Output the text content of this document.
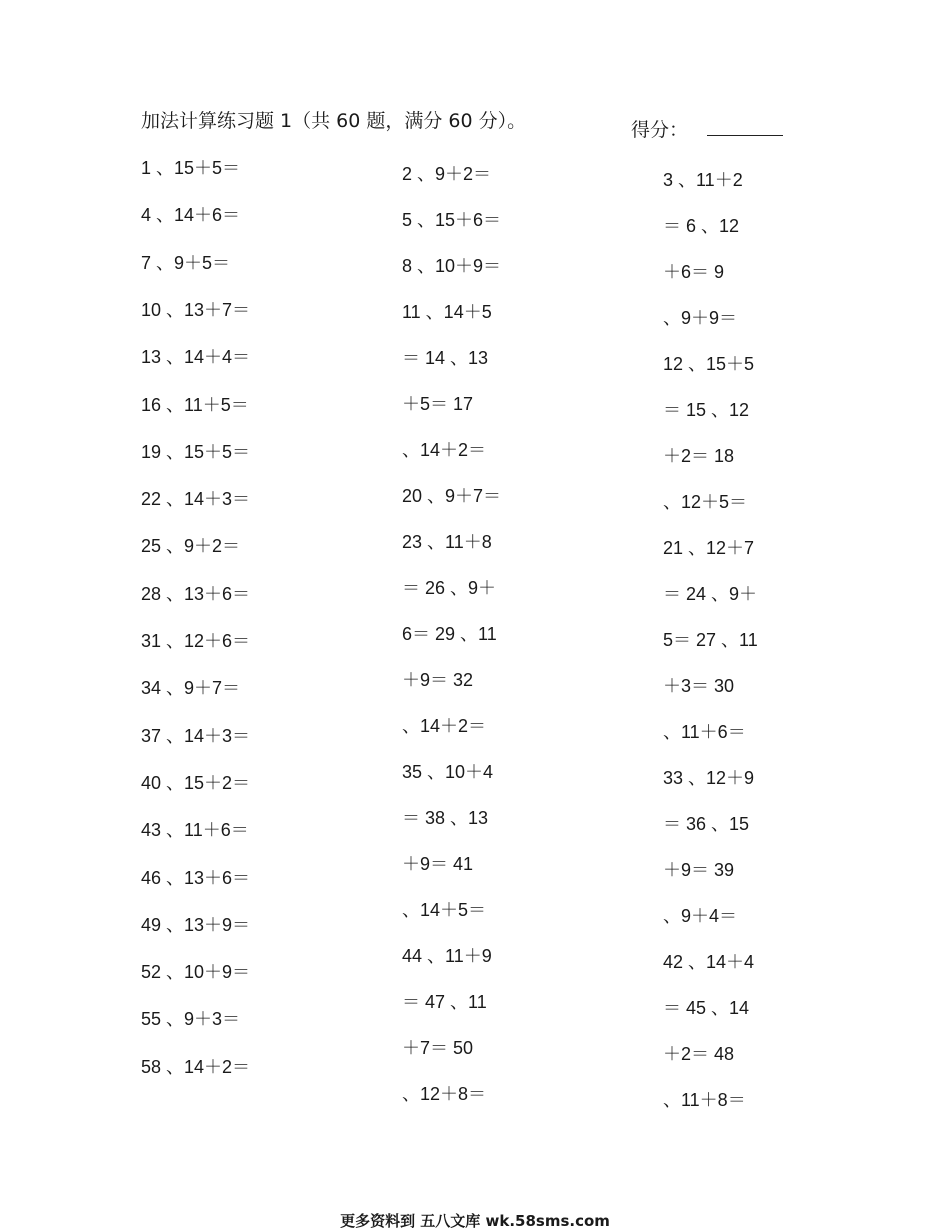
加法计算练习题 1（共 60 题，满分 60 分）。	得分：
1 、15＋5＝
4 、14＋6＝
7 、9＋5＝
10 、13＋7＝
13 、14＋4＝
16 、11＋5＝
19 、15＋5＝
22 、14＋3＝
25 、9＋2＝
28 、13＋6＝
31 、12＋6＝
34 、9＋7＝
37 、14＋3＝
40 、15＋2＝
43 、11＋6＝
46 、13＋6＝
49 、13＋9＝
52 、10＋9＝
55 、9＋3＝
58 、14＋2＝
2 、9＋2＝
5 、15＋6＝
8 、10＋9＝
11 、14＋5
＝ 14 、13
＋5＝ 17
、14＋2＝
20 、9＋7＝
23 、11＋8
＝ 26 、9＋
6＝ 29 、11
＋9＝ 32
、14＋2＝
35 、10＋4
＝ 38 、13
＋9＝ 41
、14＋5＝
44 、11＋9
＝ 47 、11
＋7＝ 50
、12＋8＝
3 、11＋2
＝ 6 、12
＋6＝ 9
、9＋9＝
12 、15＋5
＝ 15 、12
＋2＝ 18
、12＋5＝
21 、12＋7
＝ 24 、9＋
5＝ 27 、11
＋3＝ 30
、11＋6＝
33 、12＋9
＝ 36 、15
＋9＝ 39
、9＋4＝
42 、14＋4
＝ 45 、14
＋2＝ 48
、11＋8＝
更多资料到 五八文库 wk.58sms.com
